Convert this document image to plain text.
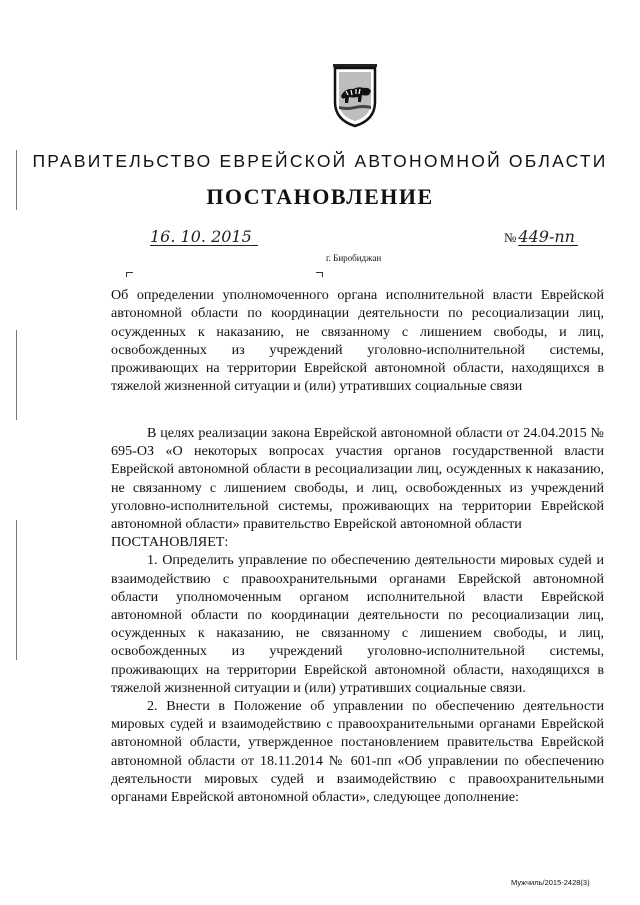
ПРАВИТЕЛЬСТВО ЕВРЕЙСКОЙ АВТОНОМНОЙ ОБЛАСТИ
ПОСТАНОВЛЕНИЕ
16. 10. 2015	№ 449-пп
г. Биробиджан

Об определении уполномоченного органа исполнительной власти Еврейской автономной области по координации деятельности по ресоциализации лиц, осужденных к наказанию, не связанному с лишением свободы, и лиц, освобожденных из учреждений уголовно-исполнительной системы, проживающих на территории Еврейской автономной области, находящихся в тяжелой жизненной ситуации и (или) утративших социальные связи

В целях реализации закона Еврейской автономной области от 24.04.2015 № 695-ОЗ «О некоторых вопросах участия органов государственной власти Еврейской автономной области в ресоциализации лиц, осужденных к наказанию, не связанному с лишением свободы, и лиц, освобожденных из учреждений уголовно-исполнительной системы, проживающих на территории Еврейской автономной области» правительство Еврейской автономной области

ПОСТАНОВЛЯЕТ:

1. Определить управление по обеспечению деятельности мировых судей и взаимодействию с правоохранительными органами Еврейской автономной области уполномоченным органом исполнительной власти Еврейской автономной области по координации деятельности по ресоциализации лиц, осужденных к наказанию, не связанному с лишением свободы, и лиц, освобожденных из учреждений уголовно-исполнительной системы, проживающих на территории Еврейской автономной области, находящихся в тяжелой жизненной ситуации и (или) утративших социальные связи.

2. Внести в Положение об управлении по обеспечению деятельности мировых судей и взаимодействию с правоохранительными органами Еврейской автономной области, утвержденное постановлением правительства Еврейской автономной области от 18.11.2014 № 601-пп «Об управлении по обеспечению деятельности мировых судей и взаимодействию с правоохранительными органами Еврейской автономной области», следующее дополнение:

Мужчиль/2015-2428(3)
